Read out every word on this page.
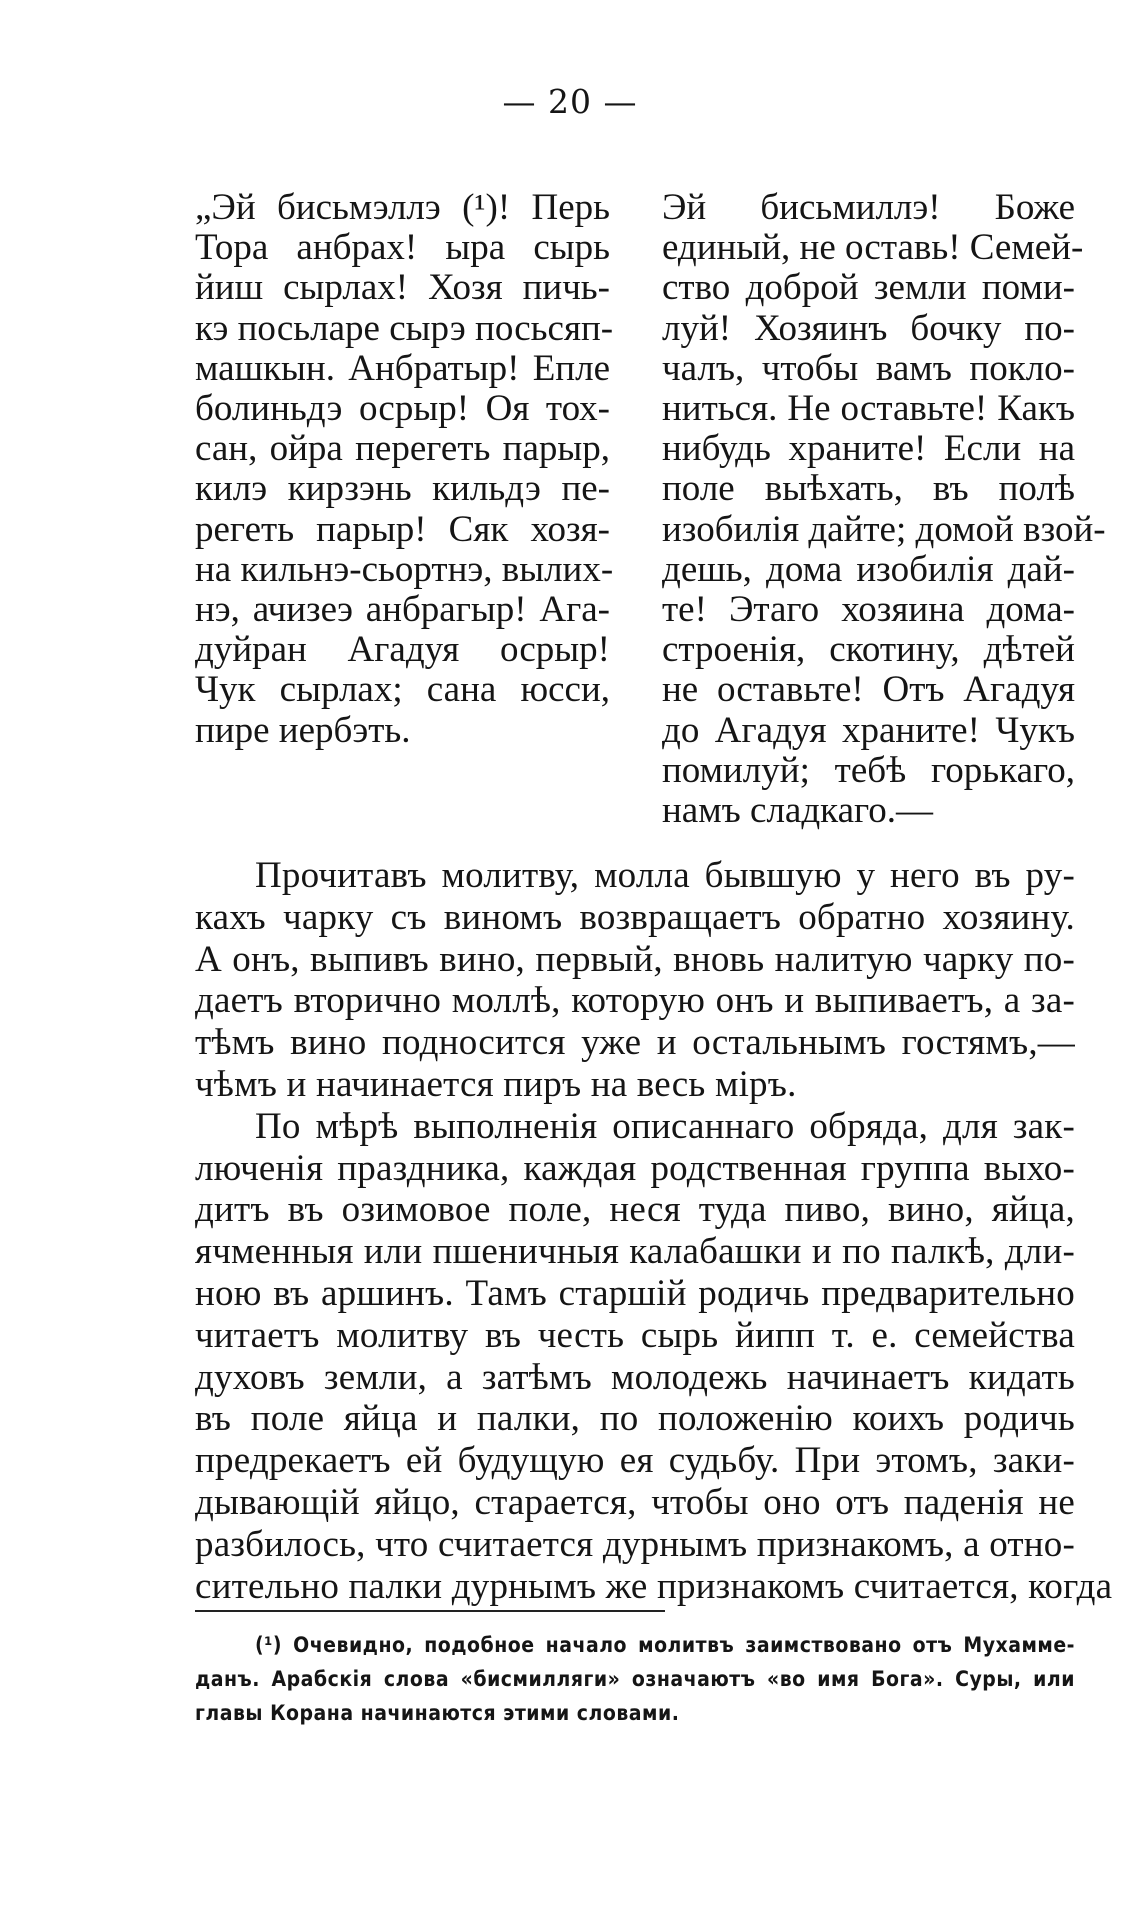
— 20 —
„Эй бисьмэллэ (¹)! Перь
Тора анбрах! ыра сырь
йиш сырлах! Хозя пичь-
кэ посьларе сырэ посьсяп-
машкын. Анбратыр! Епле
болиньдэ осрыр! Оя тох-
сан, ойра перегеть парыр,
килэ кирзэнь кильдэ пе-
регеть парыр! Сяк хозя-
на кильнэ-сьортнэ, вылих-
нэ, ачизеэ анбрагыр! Ага-
дуйран Агадуя осрыр!
Чук сырлах; сана юсси,
пире иербэть.
Эй бисьмиллэ! Боже
единый, не оставь! Семей-
ство доброй земли поми-
луй! Хозяинъ бочку по-
чалъ, чтобы вамъ покло-
ниться. Не оставьте! Какъ
нибудь храните! Если на
поле выѣхать, въ полѣ
изобилія дайте; домой взой-
дешь, дома изобилія дай-
те! Этаго хозяина дома-
строенія, скотину, дѣтей
не оставьте! Отъ Агадуя
до Агадуя храните! Чукъ
помилуй; тебѣ горькаго,
намъ сладкаго.—
Прочитавъ молитву, молла бывшую у него въ ру-
кахъ чарку съ виномъ возвращаетъ обратно хозяину.
А онъ, выпивъ вино, первый, вновь налитую чарку по-
даетъ вторично моллѣ, которую онъ и выпиваетъ, а за-
тѣмъ вино подносится уже и остальнымъ гостямъ,—
чѣмъ и начинается пиръ на весь міръ.
По мѣрѣ выполненія описаннаго обряда, для зак-
люченія праздника, каждая родственная группа выхо-
дитъ въ озимовое поле, неся туда пиво, вино, яйца,
ячменныя или пшеничныя калабашки и по палкѣ, дли-
ною въ аршинъ. Тамъ старшій родичь предварительно
читаетъ молитву въ честь сырь йипп т. е. семейства
духовъ земли, а затѣмъ молодежь начинаетъ кидать
въ поле яйца и палки, по положенію коихъ родичь
предрекаетъ ей будущую ея судьбу. При этомъ, заки-
дывающій яйцо, старается, чтобы оно отъ паденія не
разбилось, что считается дурнымъ признакомъ, а отно-
сительно палки дурнымъ же признакомъ считается, когда
(¹) Очевидно, подобное начало молитвъ заимствовано отъ Мухамме-
данъ. Арабскія слова «бисмилляги» означаютъ «во имя Бога». Суры, или
главы Корана начинаются этими словами.
